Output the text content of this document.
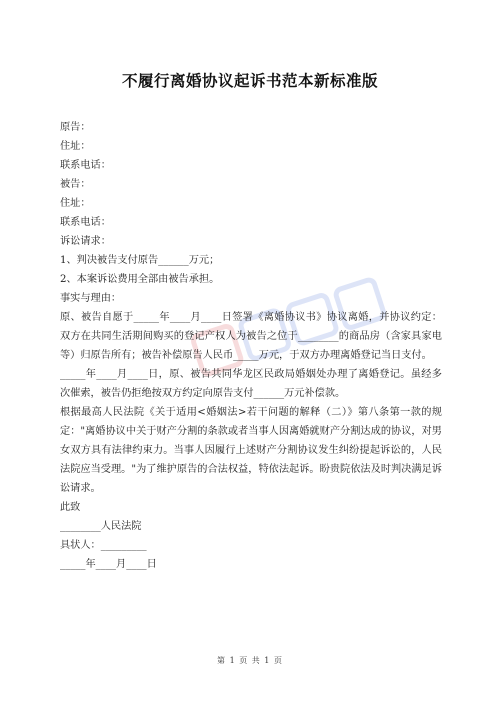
不履行离婚协议起诉书范本新标准版

原告：

住址：

联系电话：

被告：

住址：

联系电话：

诉讼请求：

1、判决被告支付原告______万元；

2、本案诉讼费用全部由被告承担。

事实与理由：

原、被告自愿于_____年____月____日签署《离婚协议书》协议离婚，并协议约定：双方在共同生活期间购买的登记产权人为被告之位于________的商品房（含家具家电等）归原告所有；被告补偿原告人民币_____万元，于双方办理离婚登记当日支付。

_____年____月____日，原、被告共同华龙区民政局婚姻处办理了离婚登记。虽经多次催索，被告仍拒绝按双方约定向原告支付______万元补偿款。

根据最高人民法院《关于适用<婚姻法>若干问题的解释（二）》第八条第一款的规定："离婚协议中关于财产分割的条款或者当事人因离婚就财产分割达成的协议，对男女双方具有法律约束力。当事人因履行上述财产分割协议发生纠纷提起诉讼的，人民法院应当受理。"为了维护原告的合法权益，特依法起诉。盼贵院依法及时判决满足诉讼请求。

此致

________人民法院

具状人：_________

_____年____月____日

第 1 页 共 1 页
